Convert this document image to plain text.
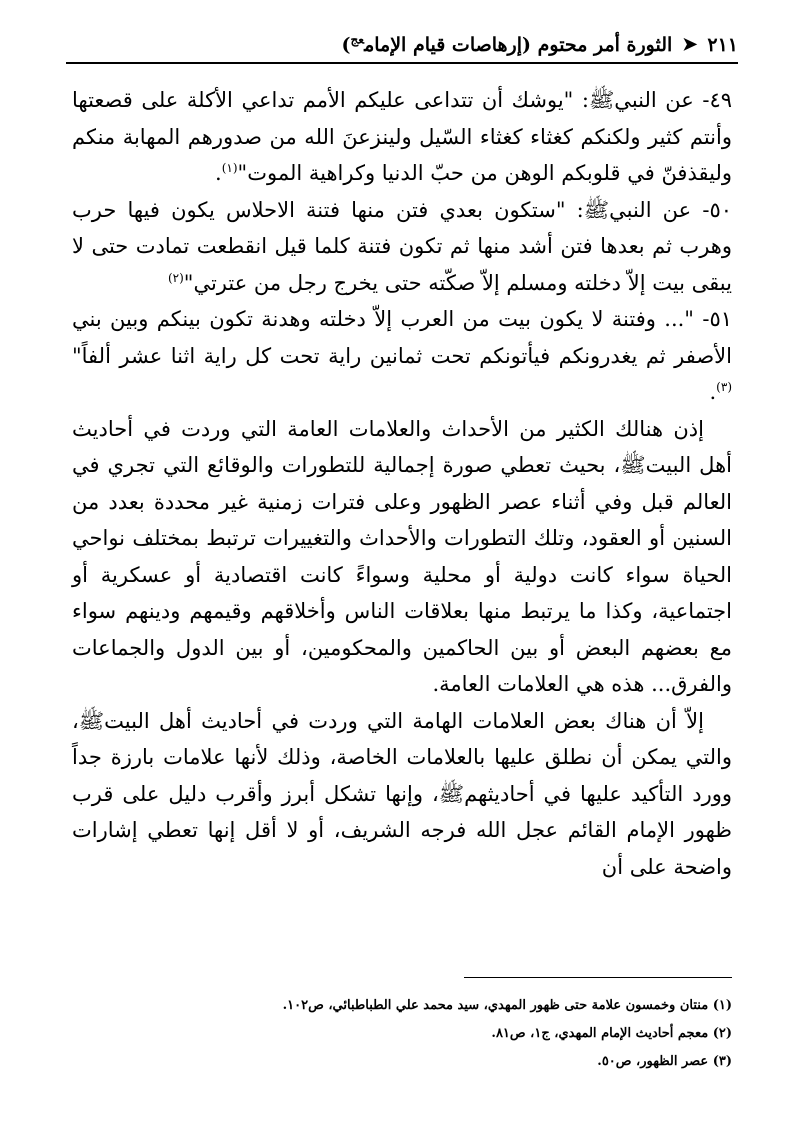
٢١١
➤
الثورة أمر محتوم (إرهاصات قيام الإمام$^{عج}$)

٤٩- عن النبيﷺ: "يوشك أن تتداعى عليكم الأمم تداعي الأكلة على قصعتها وأنتم كثير ولكنكم كغثاء كغثاء السّيل ولينزعنَ الله من صدورهم المهابة منكم وليقذفنّ في قلوبكم الوهن من حبّ الدنيا وكراهية الموت"$^{(١)}$.

٥٠- عن النبيﷺ: "ستكون بعدي فتن منها فتنة الاحلاس يكون فيها حرب وهرب ثم بعدها فتن أشد منها ثم تكون فتنة كلما قيل انقطعت تمادت حتى لا يبقى بيت إلاّ دخلته ومسلم إلاّ صكّته حتى يخرج رجل من عترتي"$^{(٢)}$

٥١- "... وفتنة لا يكون بيت من العرب إلاّ دخلته وهدنة تكون بينكم وبين بني الأصفر ثم يغدرونكم فيأتونكم تحت ثمانين راية تحت كل راية اثنا عشر ألفاً"$^{(٣)}$.

إذن هنالك الكثير من الأحداث والعلامات العامة التي وردت في أحاديث أهل البيتﷺ، بحيث تعطي صورة إجمالية للتطورات والوقائع التي تجري في العالم قبل وفي أثناء عصر الظهور وعلى فترات زمنية غير محددة بعدد من السنين أو العقود، وتلك التطورات والأحداث والتغييرات ترتبط بمختلف نواحي الحياة سواء كانت دولية أو محلية وسواءً كانت اقتصادية أو عسكرية أو اجتماعية، وكذا ما يرتبط منها بعلاقات الناس وأخلاقهم وقيمهم ودينهم سواء مع بعضهم البعض أو بين الحاكمين والمحكومين، أو بين الدول والجماعات والفرق... هذه هي العلامات العامة.

إلاّ أن هناك بعض العلامات الهامة التي وردت في أحاديث أهل البيتﷺ، والتي يمكن أن نطلق عليها بالعلامات الخاصة، وذلك لأنها علامات بارزة جداً وورد التأكيد عليها في أحاديثهمﷺ، وإنها تشكل أبرز وأقرب دليل على قرب ظهور الإمام القائم عجل الله فرجه الشريف، أو لا أقل إنها تعطي إشارات واضحة على أن

(١) منتان وخمسون علامة حتى ظهور المهدي، سيد محمد علي الطباطبائي، ص١٠٢.
(٢) معجم أحاديث الإمام المهدي، ج١، ص٨١.
(٣) عصر الظهور، ص٥٠.
